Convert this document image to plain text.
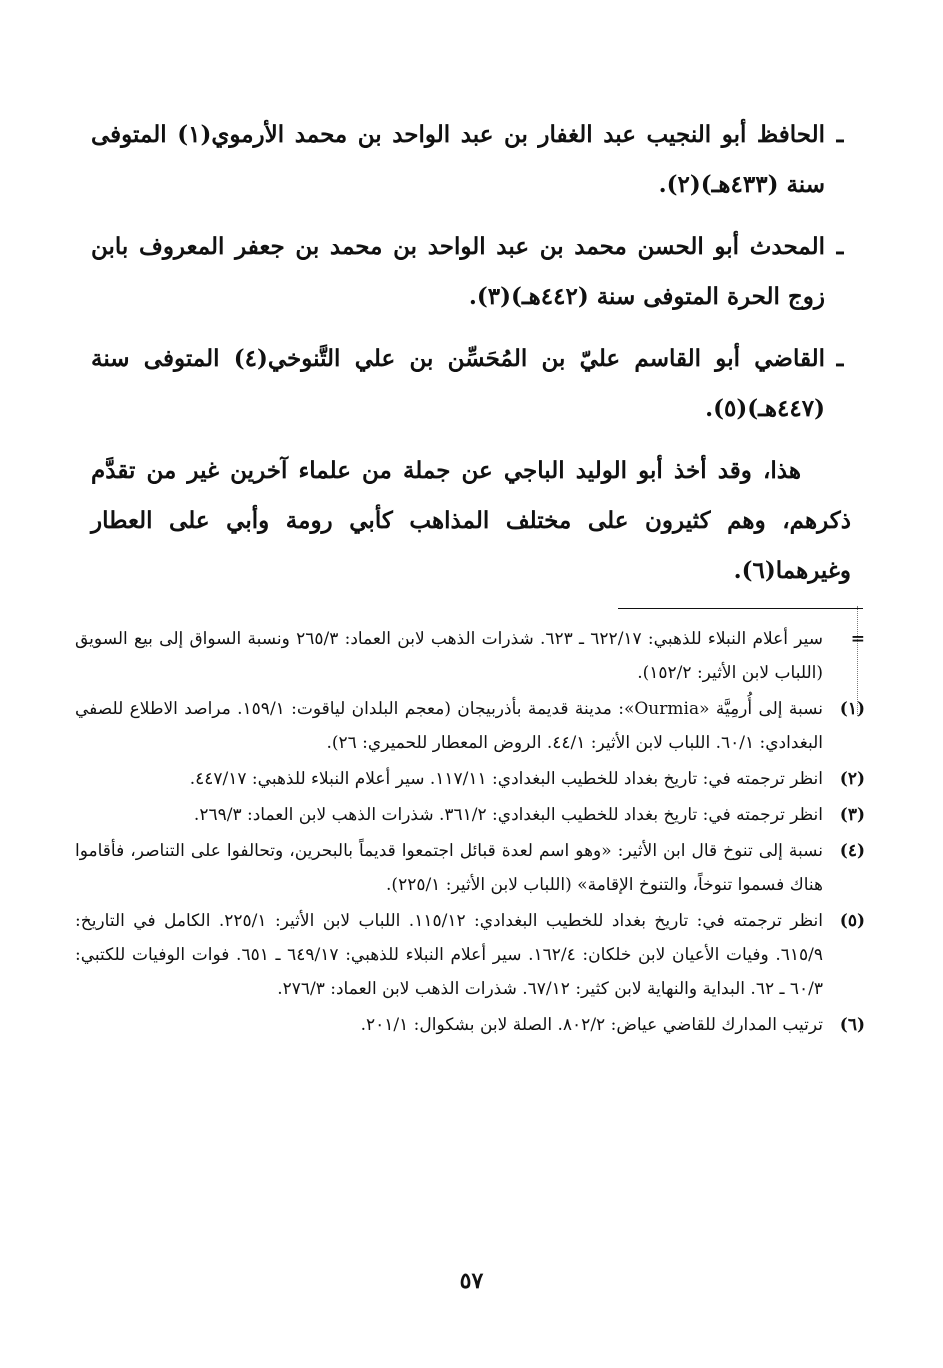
ـ
الحافظ أبو النجيب عبد الغفار بن عبد الواحد بن محمد الأرموي(١) المتوفى سنة (٤٣٣هـ)(٢).
ـ
المحدث أبو الحسن محمد بن عبد الواحد بن محمد بن جعفر المعروف بابن زوج الحرة المتوفى سنة (٤٤٢هـ)(٣).
ـ
القاضي أبو القاسم عليّ بن المُحَسِّن بن علي التَّنوخي(٤) المتوفى سنة (٤٤٧هـ)(٥).
هذا، وقد أخذ أبو الوليد الباجي عن جملة من علماء آخرين غير من تقدَّم ذكرهم، وهم كثيرون على مختلف المذاهب كأبي رومة وأبي على العطار وغيرهما(٦).
=
سير أعلام النبلاء للذهبي: ٦٢٢/١٧ ـ ٦٢٣. شذرات الذهب لابن العماد: ٢٦٥/٣ ونسبة السواق إلى بيع السويق (اللباب لابن الأثير: ١٥٢/٢).
(١)
نسبة إلى أُرمِيَّة «Ourmia»: مدينة قديمة بأذربيجان (معجم البلدان لياقوت: ١٥٩/١. مراصد الاطلاع للصفي البغدادي: ٦٠/١. اللباب لابن الأثير: ٤٤/١. الروض المعطار للحميري: ٢٦).
(٢)
انظر ترجمته في: تاريخ بغداد للخطيب البغدادي: ١١٧/١١. سير أعلام النبلاء للذهبي: ٤٤٧/١٧.
(٣)
انظر ترجمته في: تاريخ بغداد للخطيب البغدادي: ٣٦١/٢. شذرات الذهب لابن العماد: ٢٦٩/٣.
(٤)
نسبة إلى تنوخ قال ابن الأثير: «وهو اسم لعدة قبائل اجتمعوا قديماً بالبحرين، وتحالفوا على التناصر، فأقاموا هناك فسموا تنوخاً، والتنوخ الإقامة» (اللباب لابن الأثير: ٢٢٥/١).
(٥)
انظر ترجمته في: تاريخ بغداد للخطيب البغدادي: ١١٥/١٢. اللباب لابن الأثير: ٢٢٥/١. الكامل في التاريخ: ٦١٥/٩. وفيات الأعيان لابن خلكان: ١٦٢/٤. سير أعلام النبلاء للذهبي: ٦٤٩/١٧ ـ ٦٥١. فوات الوفيات للكتبي: ٦٠/٣ ـ ٦٢. البداية والنهاية لابن كثير: ٦٧/١٢. شذرات الذهب لابن العماد: ٢٧٦/٣.
(٦)
ترتيب المدارك للقاضي عياض: ٨٠٢/٢. الصلة لابن بشكوال: ٢٠١/١.
٥٧
